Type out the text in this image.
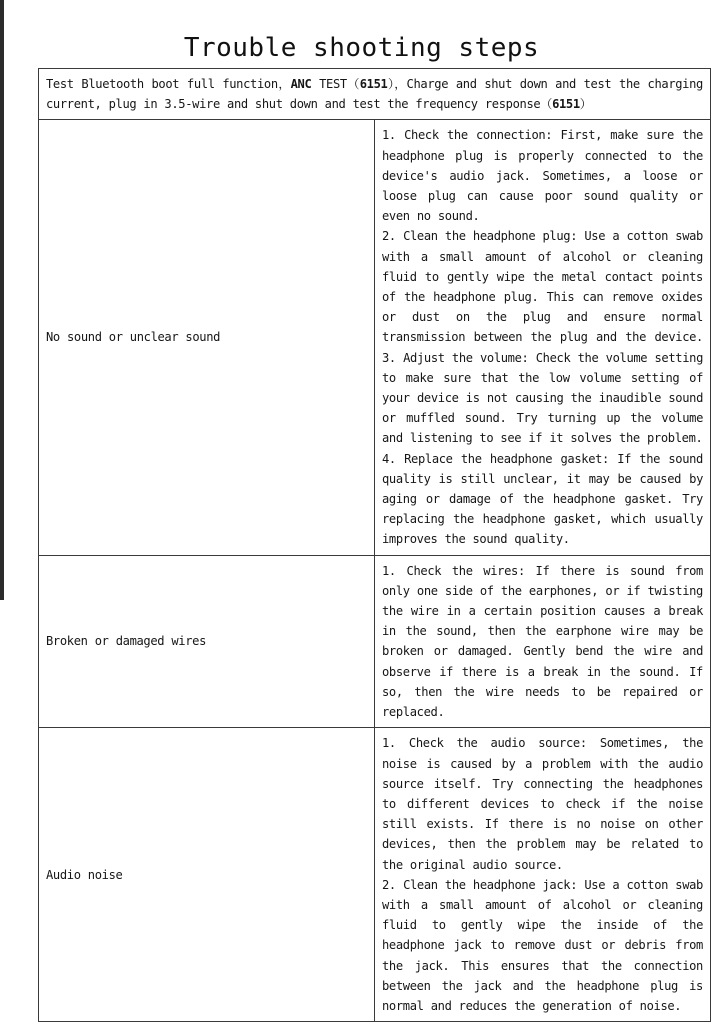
Trouble shooting steps
Test Bluetooth boot full function，ANC TEST（6151），Charge and shut down and test the charging current, plug in 3.5-wire and shut down and test the frequency response（6151）	
No sound or unclear sound	1. Check the connection: First, make sure the headphone plug is properly connected to the device's audio jack. Sometimes, a loose or loose plug can cause poor sound quality or even no sound.

2. Clean the headphone plug: Use a cotton swab with a small amount of alcohol or cleaning fluid to gently wipe the metal contact points of the headphone plug. This can remove oxides or dust on the plug and ensure normal transmission between the plug and the device. 3. Adjust the volume: Check the volume setting to make sure that the low volume setting of your device is not causing the inaudible sound or muffled sound. Try turning up the volume and listening to see if it solves the problem.

4. Replace the headphone gasket: If the sound quality is still unclear, it may be caused by aging or damage of the headphone gasket. Try replacing the headphone gasket, which usually improves the sound quality.

Broken or damaged wires	1. Check the wires: If there is sound from only one side of the earphones, or if twisting the wire in a certain position causes a break in the sound, then the earphone wire may be broken or damaged. Gently bend the wire and observe if there is a break in the sound. If so, then the wire needs to be repaired or replaced.

Audio noise	1. Check the audio source: Sometimes, the noise is caused by a problem with the audio source itself. Try connecting the headphones to different devices to check if the noise still exists. If there is no noise on other devices, then the problem may be related to the original audio source.

2. Clean the headphone jack: Use a cotton swab with a small amount of alcohol or cleaning fluid to gently wipe the inside of the headphone jack to remove dust or debris from the jack. This ensures that the connection between the jack and the headphone plug is normal and reduces the generation of noise.
